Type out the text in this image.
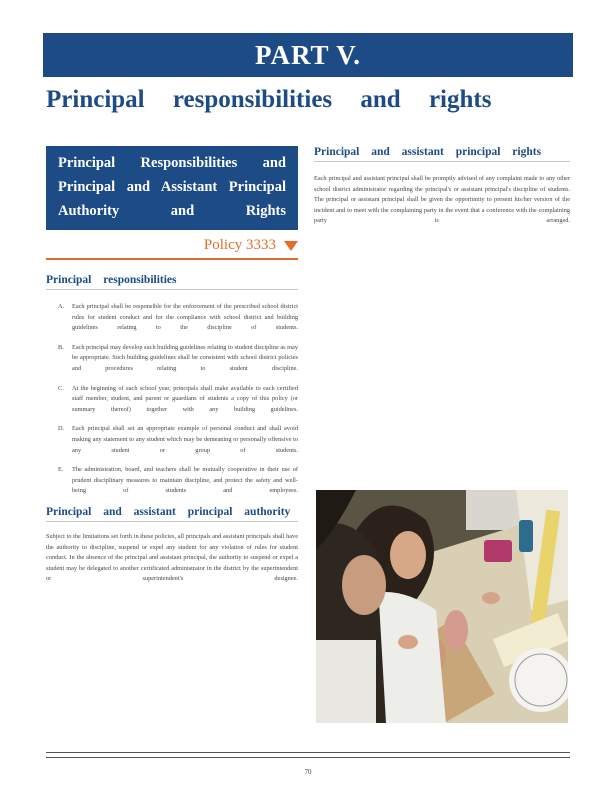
PART V.
Principal responsibilities and rights
Principal Responsibilities and
Principal and Assistant Principal
Authority and Rights
Policy
3333
Principal responsibilities
A.	Each principal shall be responsible for the enforcement of the prescribed school district rules for student conduct and for the compliance with school district and building guidelines relating to the discipline of students.
B.	Each principal may develop such building guidelines relating to student discipline as may be appropriate. Such building guidelines shall be consistent with school district policies and procedures relating to student discipline.
C.	At the beginning of each school year, principals shall make available to each certified staff member, student, and parent or guardians of students a copy of this policy (or summary thereof) together with any building guidelines.
D.	Each principal shall set an appropriate example of personal conduct and shall avoid making any statement to any student which may be demeaning or personally offensive to any student or group of students.
E.	The administration, board, and teachers shall be mutually cooperative in their use of prudent disciplinary measures to maintain discipline, and protect the safety and well-being of students and employees.
Principal and assistant principal authority
Subject to the limitations set forth in these policies, all principals and assistant principals shall have the authority to discipline, suspend or expel any student for any violation of rules for student conduct. In the absence of the principal and assistant principal, the authority to suspend or expel a student may be delegated to another certificated administrator in the district by the superintendent or superintendent's designee.
Principal and assistant principal rights
Each principal and assistant principal shall be promptly advised of any complaint made to any other school district administrator regarding the principal's or assistant principal's discipline of students. The principal or assistant principal shall be given the opportunity to present his/her version of the incident and to meet with the complaining party in the event that a conference with the complaining party is arranged.
70
